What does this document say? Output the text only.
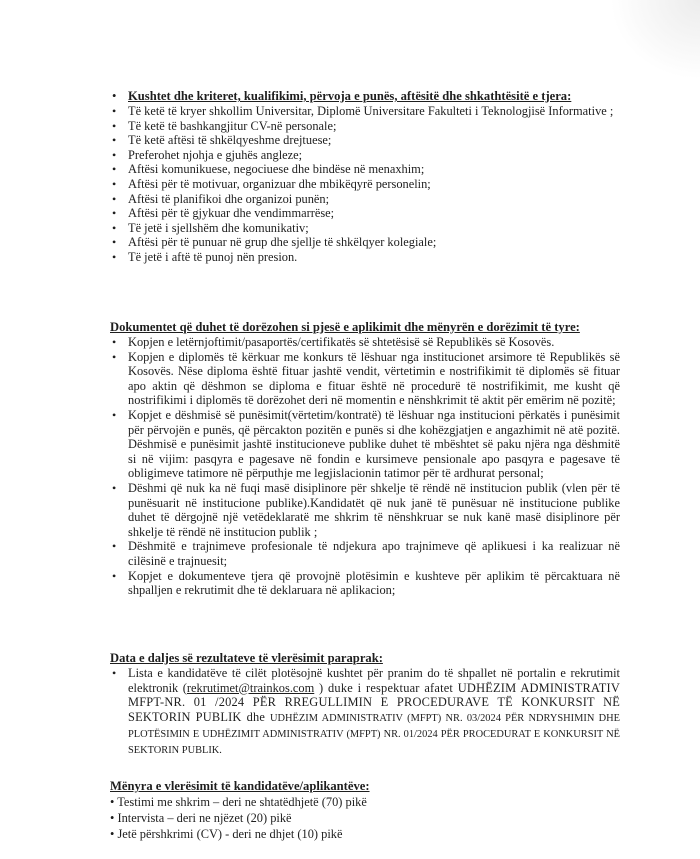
• Kushtet dhe kriteret, kualifikimi, përvoja e punës, aftësitë dhe shkathtësitë e tjera:
• Të ketë të kryer shkollim Universitar, Diplomë Universitare Fakulteti i Teknologjisë Informative ;
• Të ketë të bashkangjitur CV-në personale;
• Të ketë aftësi të shkëlqyeshme drejtuese;
• Preferohet njohja e gjuhës angleze;
• Aftësi komunikuese, negociuese dhe bindëse në menaxhim;
• Aftësi për të motivuar, organizuar dhe mbikëqyrë personelin;
• Aftësi të planifikoi dhe organizoi punën;
• Aftësi për të gjykuar dhe vendimmarrëse;
• Të jetë i sjellshëm dhe komunikativ;
• Aftësi për të punuar në grup dhe sjellje të shkëlqyer kolegiale;
• Të jetë i aftë të punoj nën presion.
Dokumentet që duhet të dorëzohen si pjesë e aplikimit dhe mënyrën e dorëzimit të tyre:
• Kopjen e letërnjoftimit/pasaportës/certifikatës së shtetësisë së Republikës së Kosovës.
• Kopjen e diplomës të kërkuar me konkurs të lëshuar nga institucionet arsimore të Republikës së Kosovës. Nëse diploma është fituar jashtë vendit, vërtetimin e nostrifikimit të diplomës së fituar apo aktin që dëshmon se diploma e fituar është në procedurë të nostrifikimit, me kusht që nostrifikimi i diplomës të dorëzohet deri në momentin e nënshkrimit të aktit për emërim në pozitë;
• Kopjet e dëshmisë së punësimit(vërtetim/kontratë) të lëshuar nga institucioni përkatës i punësimit për përvojën e punës, që përcakton pozitën e punës si dhe kohëzgjatjen e angazhimit në atë pozitë. Dëshmisë e punësimit jashtë institucioneve publike duhet të mbështet së paku njëra nga dëshmitë si në vijim: pasqyra e pagesave në fondin e kursimeve pensionale apo pasqyra e pagesave të obligimeve tatimore në përputhje me legjislacionin tatimor për të ardhurat personal;
• Dëshmi që nuk ka në fuqi masë disiplinore për shkelje të rëndë në institucion publik (vlen për të punësuarit në institucione publike).Kandidatët që nuk janë të punësuar në institucione publike duhet të dërgojnë një vetëdeklaratë me shkrim të nënshkruar se nuk kanë masë disiplinore për shkelje të rëndë në institucion publik ;
• Dëshmitë e trajnimeve profesionale të ndjekura apo trajnimeve që aplikuesi i ka realizuar në cilësinë e trajnuesit;
• Kopjet e dokumenteve tjera që provojnë plotësimin e kushteve për aplikim të përcaktuara në shpalljen e rekrutimit dhe të deklaruara në aplikacion;
Data e daljes së rezultateve të vlerësimit paraprak:
• Lista e kandidatëve të cilët plotësojnë kushtet për pranim do të shpallet në portalin e rekrutimit elektronik (rekrutimet@trainkos.com ) duke i respektuar afatet UDHËZIM ADMINISTRATIV MFPT-NR. 01 /2024 PËR RREGULLIMIN E PROCEDURAVE TË KONKURSIT NË SEKTORIN PUBLIK dhe UDHËZIM ADMINISTRATIV (MFPT) NR. 03/2024 PËR NDRYSHIMIN DHE PLOTËSIMIN E UDHËZIMIT ADMINISTRATIV (MFPT) NR. 01/2024 PËR PROCEDURAT E KONKURSIT NË SEKTORIN PUBLIK.
Mënyra e vlerësimit të kandidatëve/aplikantëve:
• Testimi me shkrim – deri ne shtatëdhjetë (70) pikë
• Intervista – deri ne njëzet (20) pikë
• Jetë përshkrimi (CV) - deri ne dhjet (10) pikë
